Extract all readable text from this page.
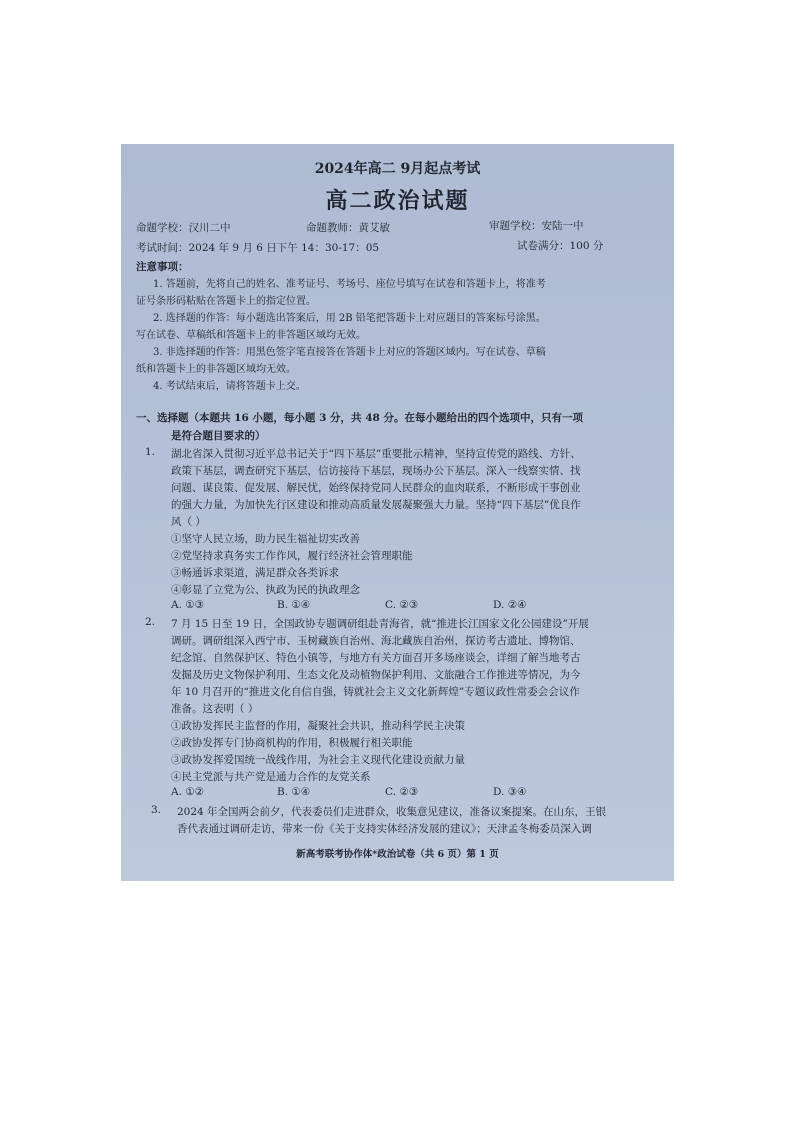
2024年高二 9月起点考试
高二政治试题
命题学校：汉川二中	命题教师：黄艾敏	审题学校：安陆一中
考试时间：2024 年 9 月 6 日下午 14：30-17：05	试卷满分：100 分
注意事项：
1. 答题前，先将自己的姓名、准考证号、考场号、座位号填写在试卷和答题卡上，将准考
证号条形码粘贴在答题卡上的指定位置。
2. 选择题的作答：每小题选出答案后，用 2B 铅笔把答题卡上对应题目的答案标号涂黑。
写在试卷、草稿纸和答题卡上的非答题区域均无效。
3. 非选择题的作答：用黑色签字笔直接答在答题卡上对应的答题区域内。写在试卷、草稿
纸和答题卡上的非答题区域均无效。
4. 考试结束后，请将答题卡上交。
一、选择题（本题共 16 小题，每小题 3 分，共 48 分。在每小题给出的四个选项中，只有一项
是符合题目要求的）
1. 湖北省深入贯彻习近平总书记关于“四下基层”重要批示精神，坚持宣传党的路线、方针、
政策下基层，调查研究下基层，信访接待下基层，现场办公下基层。深入一线察实情、找
问题、谋良策、促发展、解民忧，始终保持党同人民群众的血肉联系，不断形成干事创业
的强大力量，为加快先行区建设和推动高质量发展凝聚强大力量。坚持“四下基层”优良作
风（ ）
①坚守人民立场，助力民生福祉切实改善
②党坚持求真务实工作作风，履行经济社会管理职能
③畅通诉求渠道，满足群众各类诉求
④彰显了立党为公、执政为民的执政理念
A. ①③	B. ①④	C. ②③	D. ②④
2. 7 月 15 日至 19 日，全国政协专题调研组赴青海省，就“推进长江国家文化公园建设”开展
调研。调研组深入西宁市、玉树藏族自治州、海北藏族自治州，探访考古遗址、博物馆、
纪念馆、自然保护区、特色小镇等，与地方有关方面召开多场座谈会，详细了解当地考古
发掘及历史文物保护利用、生态文化及动植物保护利用、文旅融合工作推进等情况，为今
年 10 月召开的“推进文化自信自强，铸就社会主义文化新辉煌”专题议政性常委会会议作
准备。这表明（ ）
①政协发挥民主监督的作用，凝聚社会共识，推动科学民主决策
②政协发挥专门协商机构的作用，积极履行相关职能
③政协发挥爱国统一战线作用，为社会主义现代化建设贡献力量
④民主党派与共产党是通力合作的友党关系
A. ①②	B. ①④	C. ②③	D. ③④
3. 2024 年全国两会前夕，代表委员们走进群众，收集意见建议，准备议案提案。在山东，王银
香代表通过调研走访，带来一份《关于支持实体经济发展的建议》；天津孟冬梅委员深入调
新高考联考协作体*政治试卷（共 6 页）第 1 页
